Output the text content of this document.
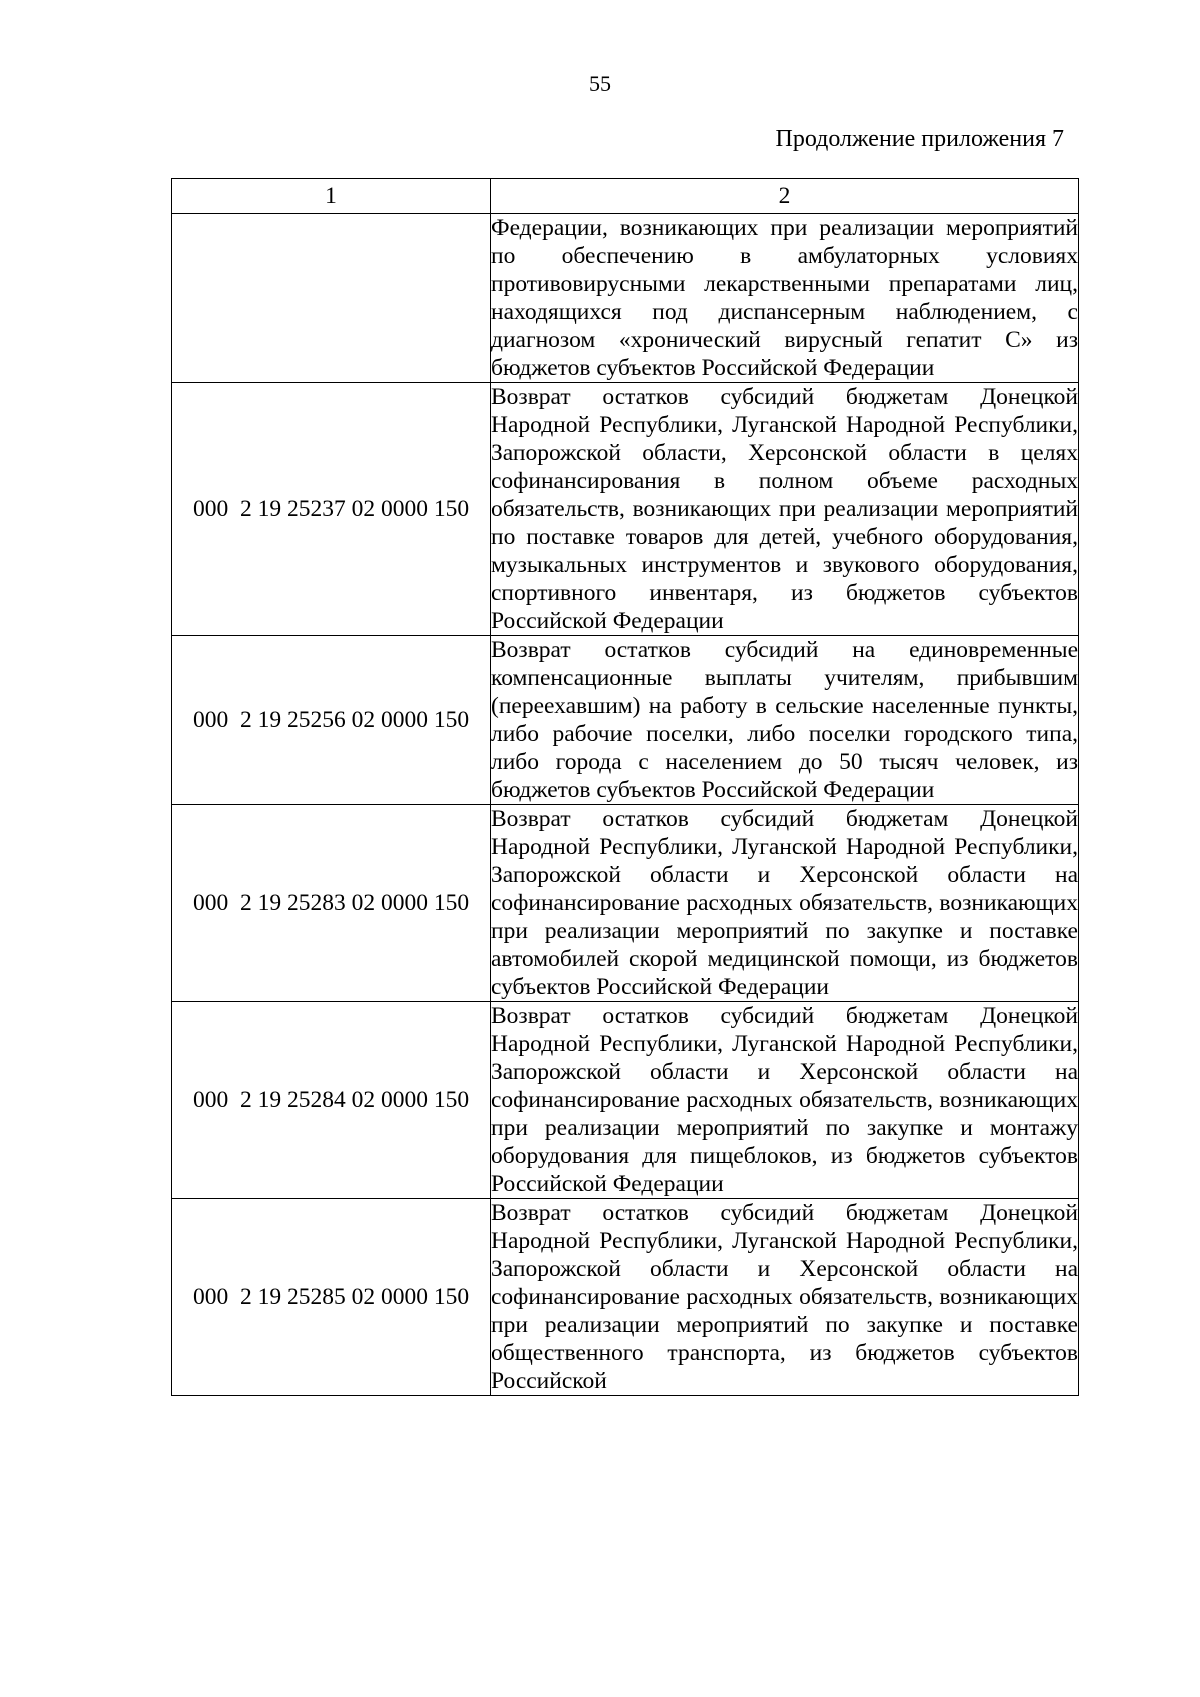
55
Продолжение приложения 7
1	2
	Федерации, возникающих при реализации мероприятий по обеспечению в амбулаторных условиях противовирусными лекарственными препаратами лиц, находящихся под диспансерным наблюдением, с диагнозом «хронический вирусный гепатит С» из бюджетов субъектов Российской Федерации
000  2 19 25237 02 0000 150	Возврат остатков субсидий бюджетам Донецкой Народной Республики, Луганской Народной Республики, Запорожской области, Херсонской области в целях софинансирования в полном объеме расходных обязательств, возникающих при реализации мероприятий по поставке товаров для детей, учебного оборудования, музыкальных инструментов и звукового оборудования, спортивного инвентаря, из бюджетов субъектов Российской Федерации
000  2 19 25256 02 0000 150	Возврат остатков субсидий на единовременные компенсационные выплаты учителям, прибывшим (переехавшим) на работу в сельские населенные пункты, либо рабочие поселки, либо поселки городского типа, либо города с населением до 50 тысяч человек, из бюджетов субъектов Российской Федерации
000  2 19 25283 02 0000 150	Возврат остатков субсидий бюджетам Донецкой Народной Республики, Луганской Народной Республики, Запорожской области и Херсонской области на софинансирование расходных обязательств, возникающих при реализации мероприятий по закупке и поставке автомобилей скорой медицинской помощи, из бюджетов субъектов Российской Федерации
000  2 19 25284 02 0000 150	Возврат остатков субсидий бюджетам Донецкой Народной Республики, Луганской Народной Республики, Запорожской области и Херсонской области на софинансирование расходных обязательств, возникающих при реализации мероприятий по закупке и монтажу оборудования для пищеблоков, из бюджетов субъектов Российской Федерации
000  2 19 25285 02 0000 150	Возврат остатков субсидий бюджетам Донецкой Народной Республики, Луганской Народной Республики, Запорожской области и Херсонской области на софинансирование расходных обязательств, возникающих при реализации мероприятий по закупке и поставке общественного транспорта, из бюджетов субъектов Российской
